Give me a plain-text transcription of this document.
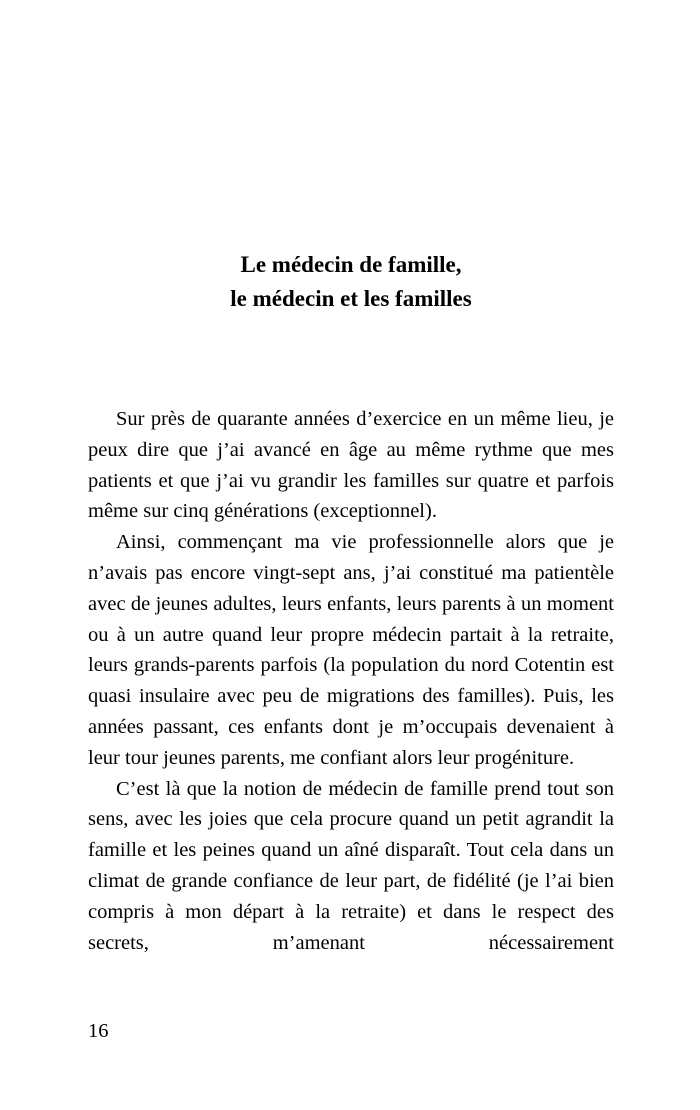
Le médecin de famille,
le médecin et les familles

Sur près de quarante années d’exercice en un même lieu, je peux dire que j’ai avancé en âge au même rythme que mes patients et que j’ai vu grandir les familles sur quatre et parfois même sur cinq générations (exceptionnel).

Ainsi, commençant ma vie professionnelle alors que je n’avais pas encore vingt-sept ans, j’ai constitué ma patientèle avec de jeunes adultes, leurs enfants, leurs parents à un moment ou à un autre quand leur propre médecin partait à la retraite, leurs grands-parents parfois (la population du nord Cotentin est quasi insulaire avec peu de migrations des familles). Puis, les années passant, ces enfants dont je m’occupais devenaient à leur tour jeunes parents, me confiant alors leur progéniture.

C’est là que la notion de médecin de famille prend tout son sens, avec les joies que cela procure quand un petit agrandit la famille et les peines quand un aîné disparaît. Tout cela dans un climat de grande confiance de leur part, de fidélité (je l’ai bien compris à mon départ à la retraite) et dans le respect des secrets, m’amenant nécessairement

16
